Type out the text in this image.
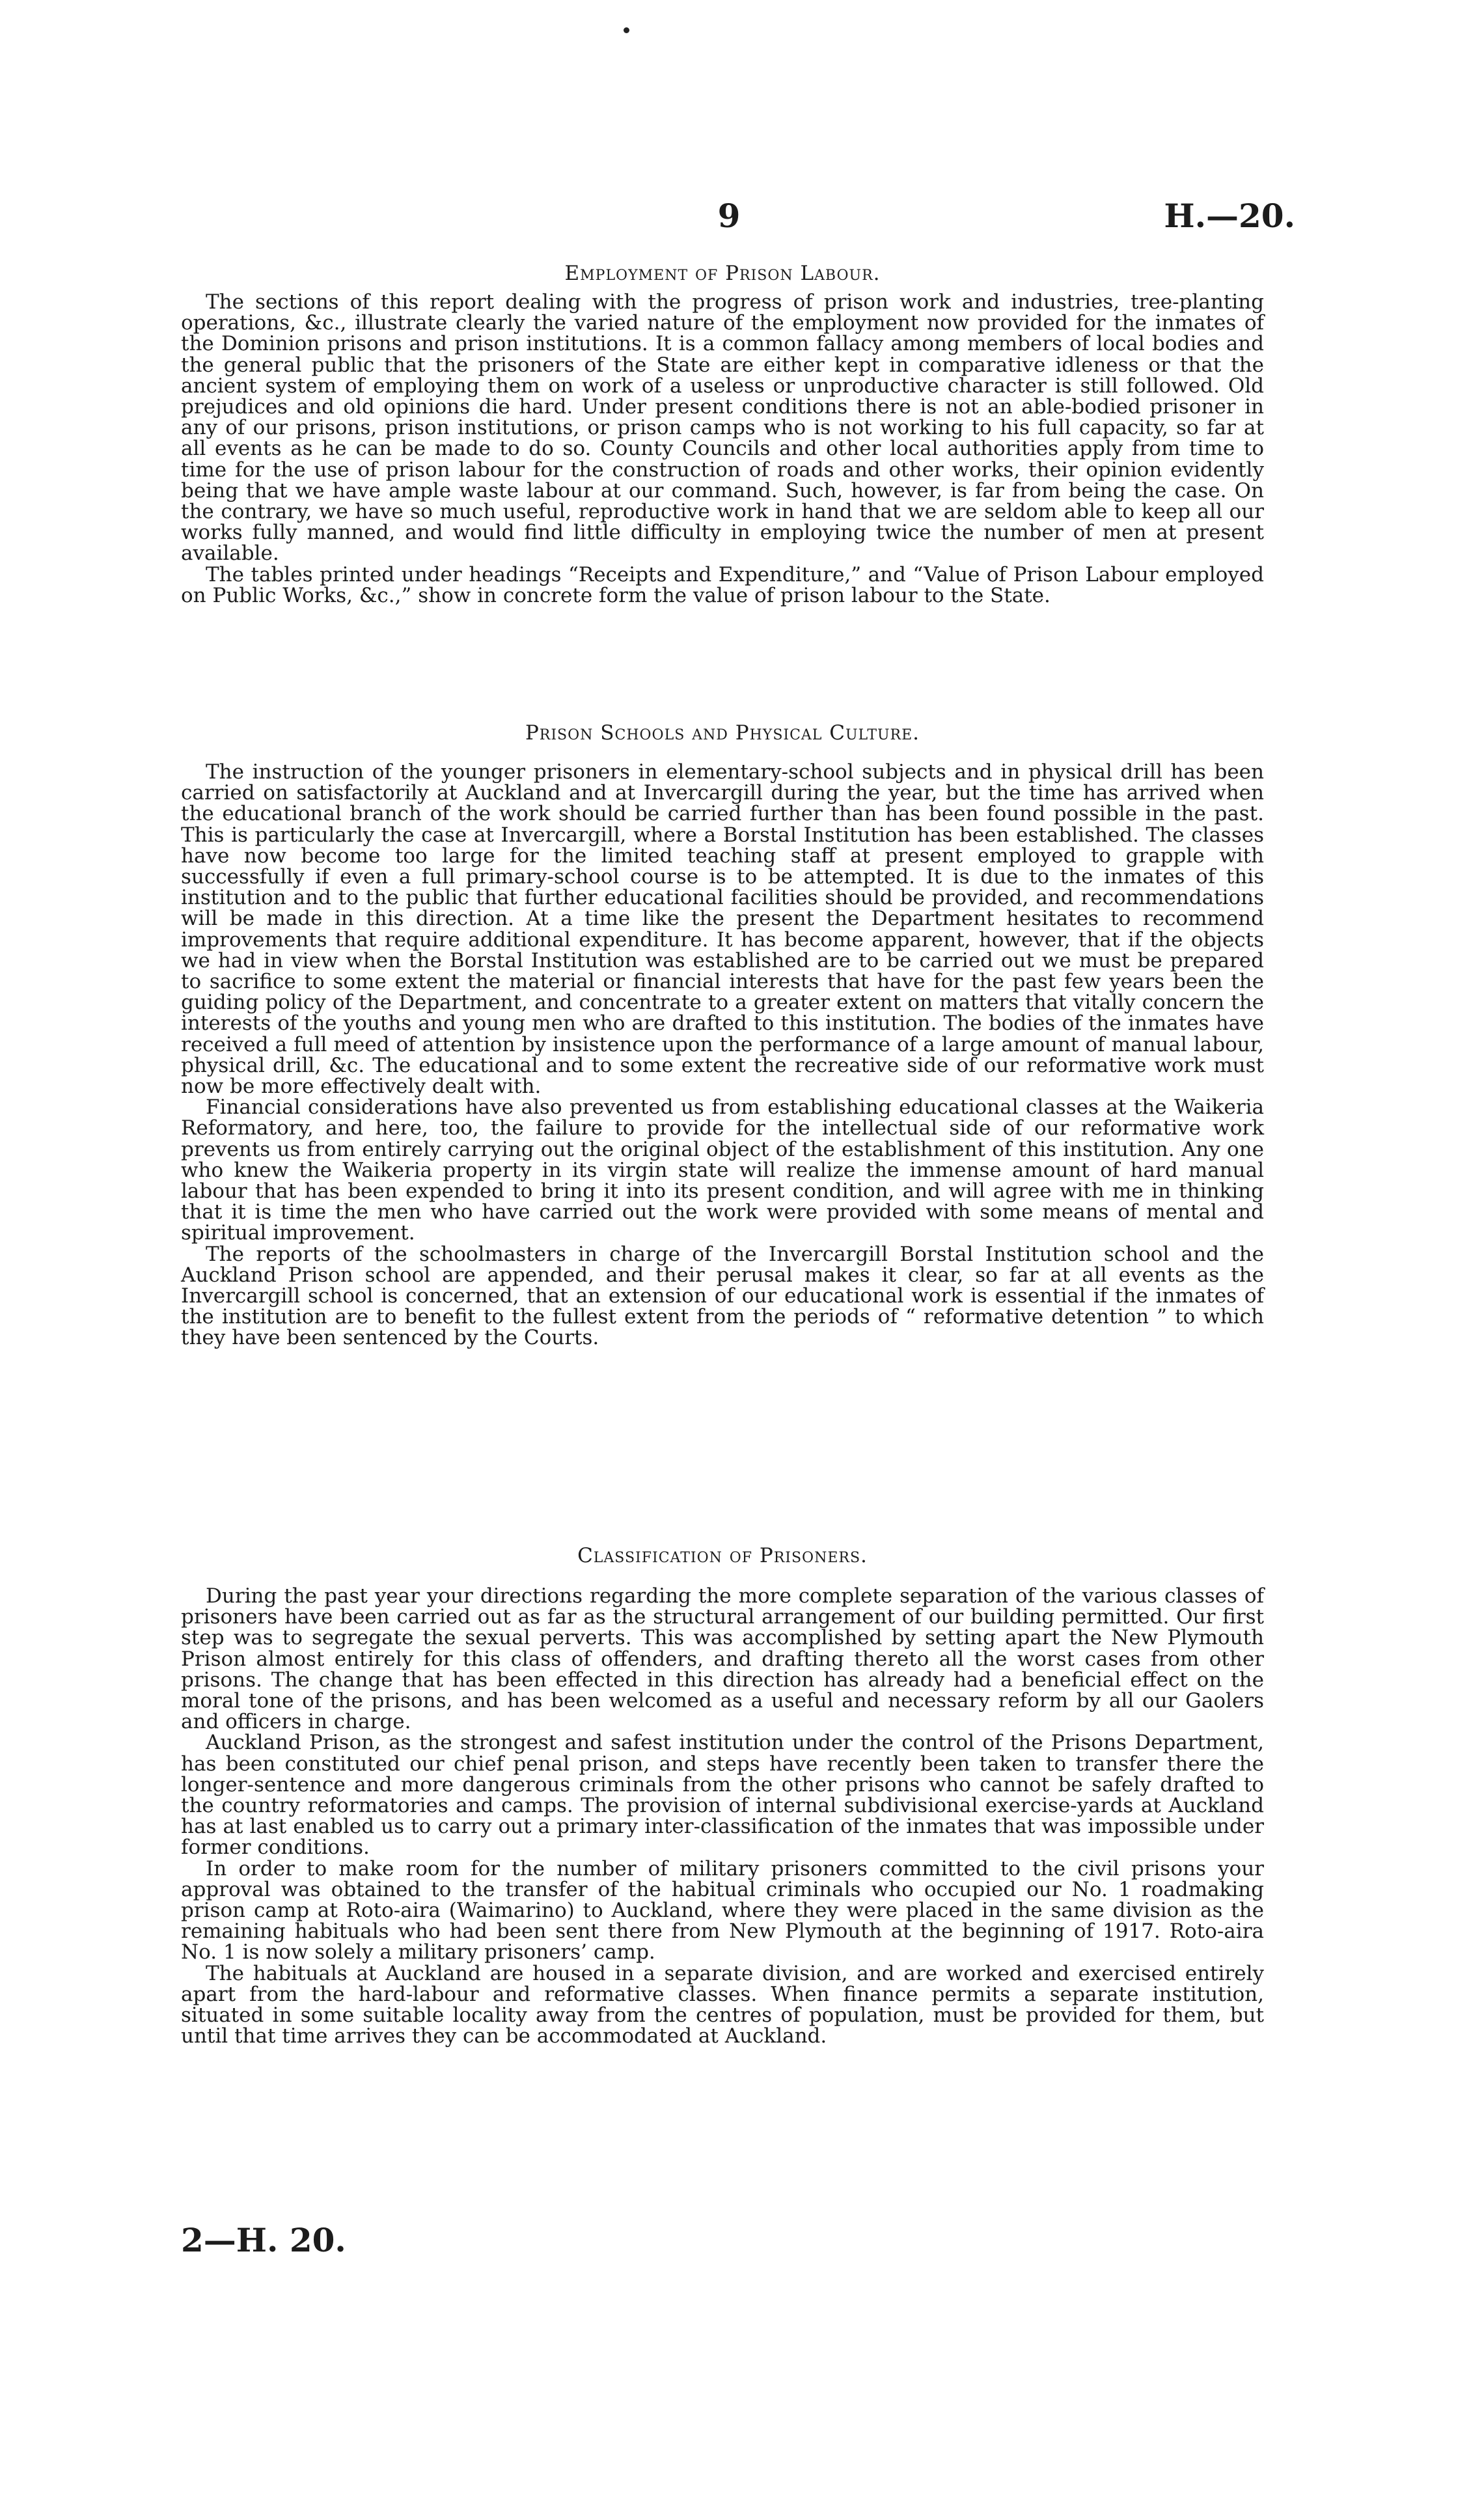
9	H.—20.
Employment of Prison Labour.

The sections of this report dealing with the progress of prison work and industries, tree-planting operations, &c., illustrate clearly the varied nature of the employment now provided for the inmates of the Dominion prisons and prison institutions. It is a common fallacy among members of local bodies and the general public that the prisoners of the State are either kept in comparative idleness or that the ancient system of employing them on work of a useless or unproductive character is still followed. Old prejudices and old opinions die hard. Under present conditions there is not an able-bodied prisoner in any of our prisons, prison institutions, or prison camps who is not working to his full capacity, so far at all events as he can be made to do so. County Councils and other local authorities apply from time to time for the use of prison labour for the construction of roads and other works, their opinion evidently being that we have ample waste labour at our command. Such, however, is far from being the case. On the contrary, we have so much useful, reproductive work in hand that we are seldom able to keep all our works fully manned, and would find little difficulty in employing twice the number of men at present available.

The tables printed under headings “Receipts and Expenditure,” and “Value of Prison Labour employed on Public Works, &c.,” show in concrete form the value of prison labour to the State.

Prison Schools and Physical Culture.

The instruction of the younger prisoners in elementary-school subjects and in physical drill has been carried on satisfactorily at Auckland and at Invercargill during the year, but the time has arrived when the educational branch of the work should be carried further than has been found possible in the past. This is particularly the case at Invercargill, where a Borstal Institution has been established. The classes have now become too large for the limited teaching staff at present employed to grapple with successfully if even a full primary-school course is to be attempted. It is due to the inmates of this institution and to the public that further educational facilities should be provided, and recommendations will be made in this direction. At a time like the present the Department hesitates to recommend improvements that require additional expenditure. It has become apparent, however, that if the objects we had in view when the Borstal Institution was established are to be carried out we must be prepared to sacrifice to some extent the material or financial interests that have for the past few years been the guiding policy of the Department, and concentrate to a greater extent on matters that vitally concern the interests of the youths and young men who are drafted to this institution. The bodies of the inmates have received a full meed of attention by insistence upon the performance of a large amount of manual labour, physical drill, &c. The educational and to some extent the recreative side of our reformative work must now be more effectively dealt with.

Financial considerations have also prevented us from establishing educational classes at the Waikeria Reformatory, and here, too, the failure to provide for the intellectual side of our reformative work prevents us from entirely carrying out the original object of the establishment of this institution. Any one who knew the Waikeria property in its virgin state will realize the immense amount of hard manual labour that has been expended to bring it into its present condition, and will agree with me in thinking that it is time the men who have carried out the work were provided with some means of mental and spiritual improvement.

The reports of the schoolmasters in charge of the Invercargill Borstal Institution school and the Auckland Prison school are appended, and their perusal makes it clear, so far at all events as the Invercargill school is concerned, that an extension of our educational work is essential if the inmates of the institution are to benefit to the fullest extent from the periods of “ reformative detention ” to which they have been sentenced by the Courts.

Classification of Prisoners.

During the past year your directions regarding the more complete separation of the various classes of prisoners have been carried out as far as the structural arrangement of our building permitted. Our first step was to segregate the sexual perverts. This was accomplished by setting apart the New Plymouth Prison almost entirely for this class of offenders, and drafting thereto all the worst cases from other prisons. The change that has been effected in this direction has already had a beneficial effect on the moral tone of the prisons, and has been welcomed as a useful and necessary reform by all our Gaolers and officers in charge.

Auckland Prison, as the strongest and safest institution under the control of the Prisons Department, has been constituted our chief penal prison, and steps have recently been taken to transfer there the longer-sentence and more dangerous criminals from the other prisons who cannot be safely drafted to the country reformatories and camps. The provision of internal subdivisional exercise-yards at Auckland has at last enabled us to carry out a primary inter-classification of the inmates that was impossible under former conditions.

In order to make room for the number of military prisoners committed to the civil prisons your approval was obtained to the transfer of the habitual criminals who occupied our No. 1 roadmaking prison camp at Roto-aira (Waimarino) to Auckland, where they were placed in the same division as the remaining habituals who had been sent there from New Plymouth at the beginning of 1917. Roto-aira No. 1 is now solely a military prisoners’ camp.

The habituals at Auckland are housed in a separate division, and are worked and exercised entirely apart from the hard-labour and reformative classes. When finance permits a separate institution, situated in some suitable locality away from the centres of population, must be provided for them, but until that time arrives they can be accommodated at Auckland.

2—H. 20.
